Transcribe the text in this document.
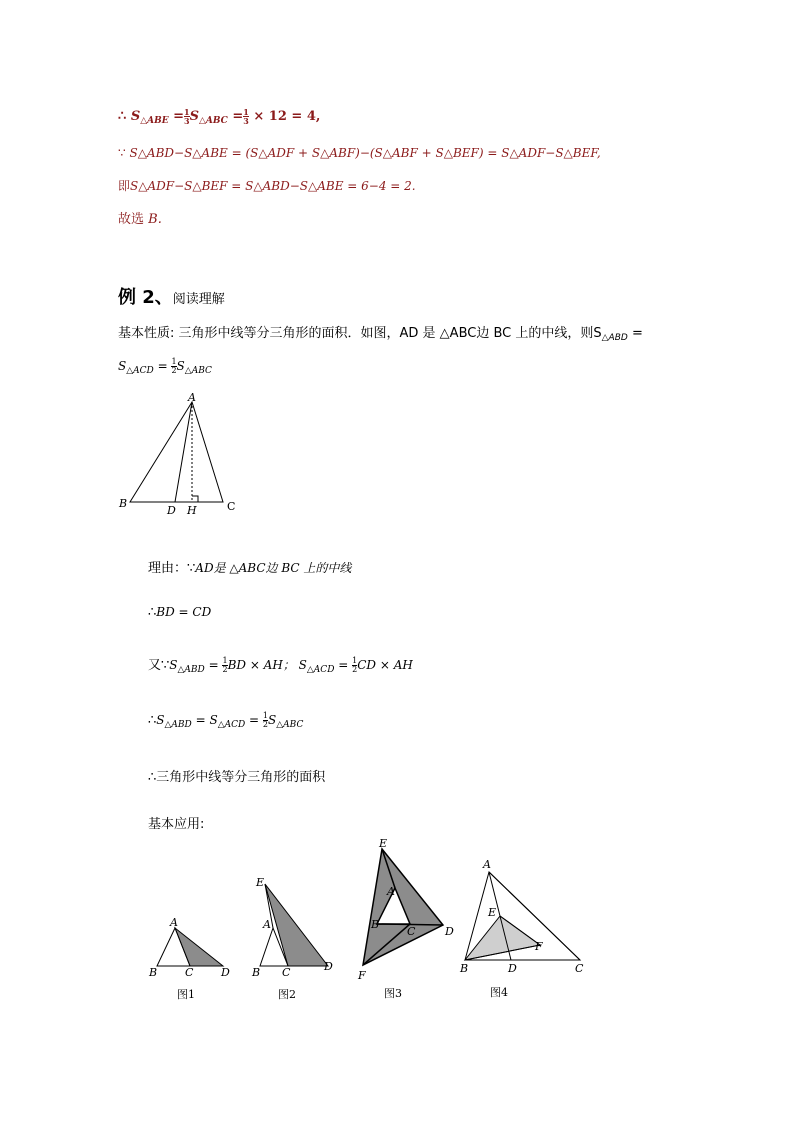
∴ $S_{\triangle ABE} = \frac{1}{3} S_{\triangle ABC} = \frac{1}{3} \times 12 = 4$,
∵ S△ABD−S△ABE = (S△ADF + S△ABF)−(S△ABF + S△BEF) = S△ADF−S△BEF,
即S△ADF−S△BEF = S△ABD−S△ABE = 6−4 = 2.
故选 B.
例 2、阅读理解
基本性质: 三角形中线等分三角形的面积．如图，AD 是 △ABC边 BC 上的中线，则$S_{\triangle ABD}$ =
$S_{\triangle ACD} = \frac{1}{2} S_{\triangle ABC}$
A
B
D H	C
理由：∵AD是 △ABC边 BC 上的中线
∴BD = CD
又$\because S_{\triangle ABD} = \frac{1}{2}$ BD × AH； $S_{\triangle ACD} = \frac{1}{2}$ CD × AH
$\therefore S_{\triangle ABD} = S_{\triangle ACD} = \frac{1}{2} S_{\triangle ABC}$
∴三角形中线等分三角形的面积
基本应用:
A
B	C	D
图1
E
A
B C	D
图2
E
A
B
C	D
F
图3
A
E
F
B	D	C
图4
